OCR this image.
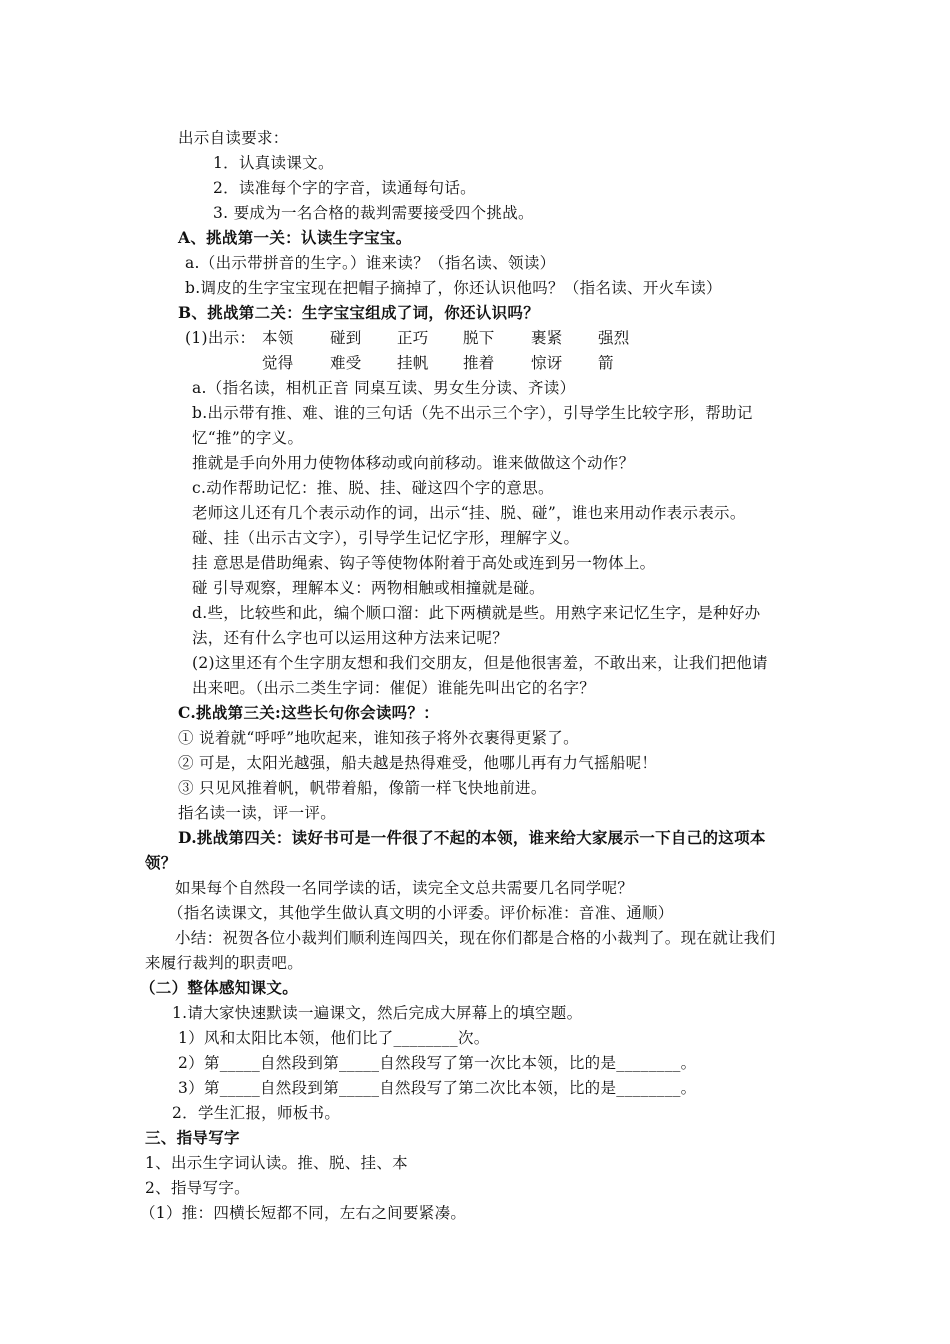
出示自读要求：
1．认真读课文。
2．读准每个字的字音，读通每句话。
3. 要成为一名合格的裁判需要接受四个挑战。
A、挑战第一关：认读生字宝宝。
a.（出示带拼音的生字。）谁来读？（指名读、领读）
b.调皮的生字宝宝现在把帽子摘掉了，你还认识他吗？（指名读、开火车读）
B、挑战第二关：生字宝宝组成了词，你还认识吗？
(1)出示： 本领 碰到 正巧 脱下 裹紧 强烈
觉得 难受 挂帆 推着 惊讶 箭
a.（指名读，相机正音 同桌互读、男女生分读、齐读）
b.出示带有推、难、谁的三句话（先不出示三个字），引导学生比较字形，帮助记
忆“推”的字义。
推就是手向外用力使物体移动或向前移动。谁来做做这个动作？
c.动作帮助记忆：推、脱、挂、碰这四个字的意思。
老师这儿还有几个表示动作的词，出示“挂、脱、碰”，谁也来用动作表示表示。
碰、挂（出示古文字），引导学生记忆字形，理解字义。
挂 意思是借助绳索、钩子等使物体附着于高处或连到另一物体上。
碰 引导观察，理解本义：两物相触或相撞就是碰。
d.些，比较些和此，编个顺口溜：此下两横就是些。用熟字来记忆生字，是种好办
法，还有什么字也可以运用这种方法来记呢？
(2)这里还有个生字朋友想和我们交朋友，但是他很害羞，不敢出来，让我们把他请
出来吧。（出示二类生字词：催促）谁能先叫出它的名字？
C.挑战第三关:这些长句你会读吗？：
① 说着就“呼呼”地吹起来，谁知孩子将外衣裹得更紧了。
② 可是，太阳光越强，船夫越是热得难受，他哪儿再有力气摇船呢！
③ 只见风推着帆，帆带着船，像箭一样飞快地前进。
指名读一读，评一评。
D.挑战第四关：读好书可是一件很了不起的本领，谁来给大家展示一下自己的这项本
领？
如果每个自然段一名同学读的话，读完全文总共需要几名同学呢？
（指名读课文，其他学生做认真文明的小评委。评价标准：音准、通顺）
小结：祝贺各位小裁判们顺利连闯四关，现在你们都是合格的小裁判了。现在就让我们
来履行裁判的职责吧。
（二）整体感知课文。
1.请大家快速默读一遍课文，然后完成大屏幕上的填空题。
1）风和太阳比本领，他们比了________次。
2）第_____自然段到第_____自然段写了第一次比本领，比的是________。
3）第_____自然段到第_____自然段写了第二次比本领，比的是________。
2．学生汇报，师板书。
三、指导写字
1、出示生字词认读。推、脱、挂、本
2、指导写字。
（1）推：四横长短都不同，左右之间要紧凑。
